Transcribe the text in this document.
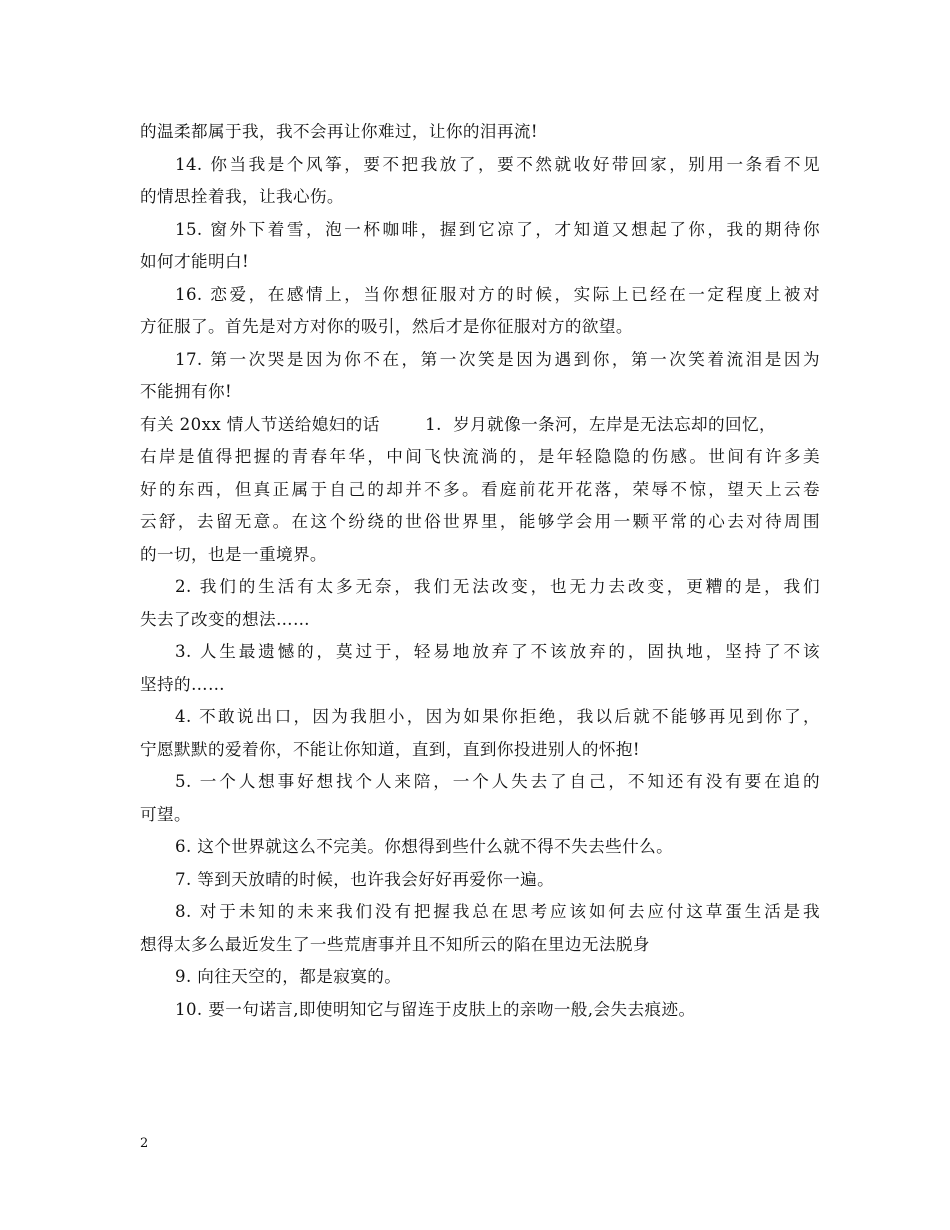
的温柔都属于我，我不会再让你难过，让你的泪再流!
14. 你当我是个风筝，要不把我放了，要不然就收好带回家，别用一条看不见
的情思拴着我，让我心伤。
15. 窗外下着雪，泡一杯咖啡，握到它凉了，才知道又想起了你，我的期待你
如何才能明白!
16. 恋爱，在感情上，当你想征服对方的时候，实际上已经在一定程度上被对
方征服了。首先是对方对你的吸引，然后才是你征服对方的欲望。
17. 第一次哭是因为你不在，第一次笑是因为遇到你，第一次笑着流泪是因为
不能拥有你!
有关 20xx 情人节送给媳妇的话        1.  岁月就像一条河，左岸是无法忘却的回忆，
右岸是值得把握的青春年华，中间飞快流淌的，是年轻隐隐的伤感。世间有许多美
好的东西，但真正属于自己的却并不多。看庭前花开花落，荣辱不惊，望天上云卷
云舒，去留无意。在这个纷绕的世俗世界里，能够学会用一颗平常的心去对待周围
的一切，也是一重境界。
2. 我们的生活有太多无奈，我们无法改变，也无力去改变，更糟的是，我们
失去了改变的想法……
3. 人生最遗憾的，莫过于，轻易地放弃了不该放弃的，固执地，坚持了不该
坚持的……
4. 不敢说出口，因为我胆小，因为如果你拒绝，我以后就不能够再见到你了，
宁愿默默的爱着你，不能让你知道，直到，直到你投进别人的怀抱!
5. 一个人想事好想找个人来陪，一个人失去了自己，不知还有没有要在追的
可望。
6. 这个世界就这么不完美。你想得到些什么就不得不失去些什么。
7. 等到天放晴的时候，也许我会好好再爱你一遍。
8. 对于未知的未来我们没有把握我总在思考应该如何去应付这草蛋生活是我
想得太多么最近发生了一些荒唐事并且不知所云的陷在里边无法脱身
9. 向往天空的，都是寂寞的。
10. 要一句诺言,即使明知它与留连于皮肤上的亲吻一般,会失去痕迹。
2
